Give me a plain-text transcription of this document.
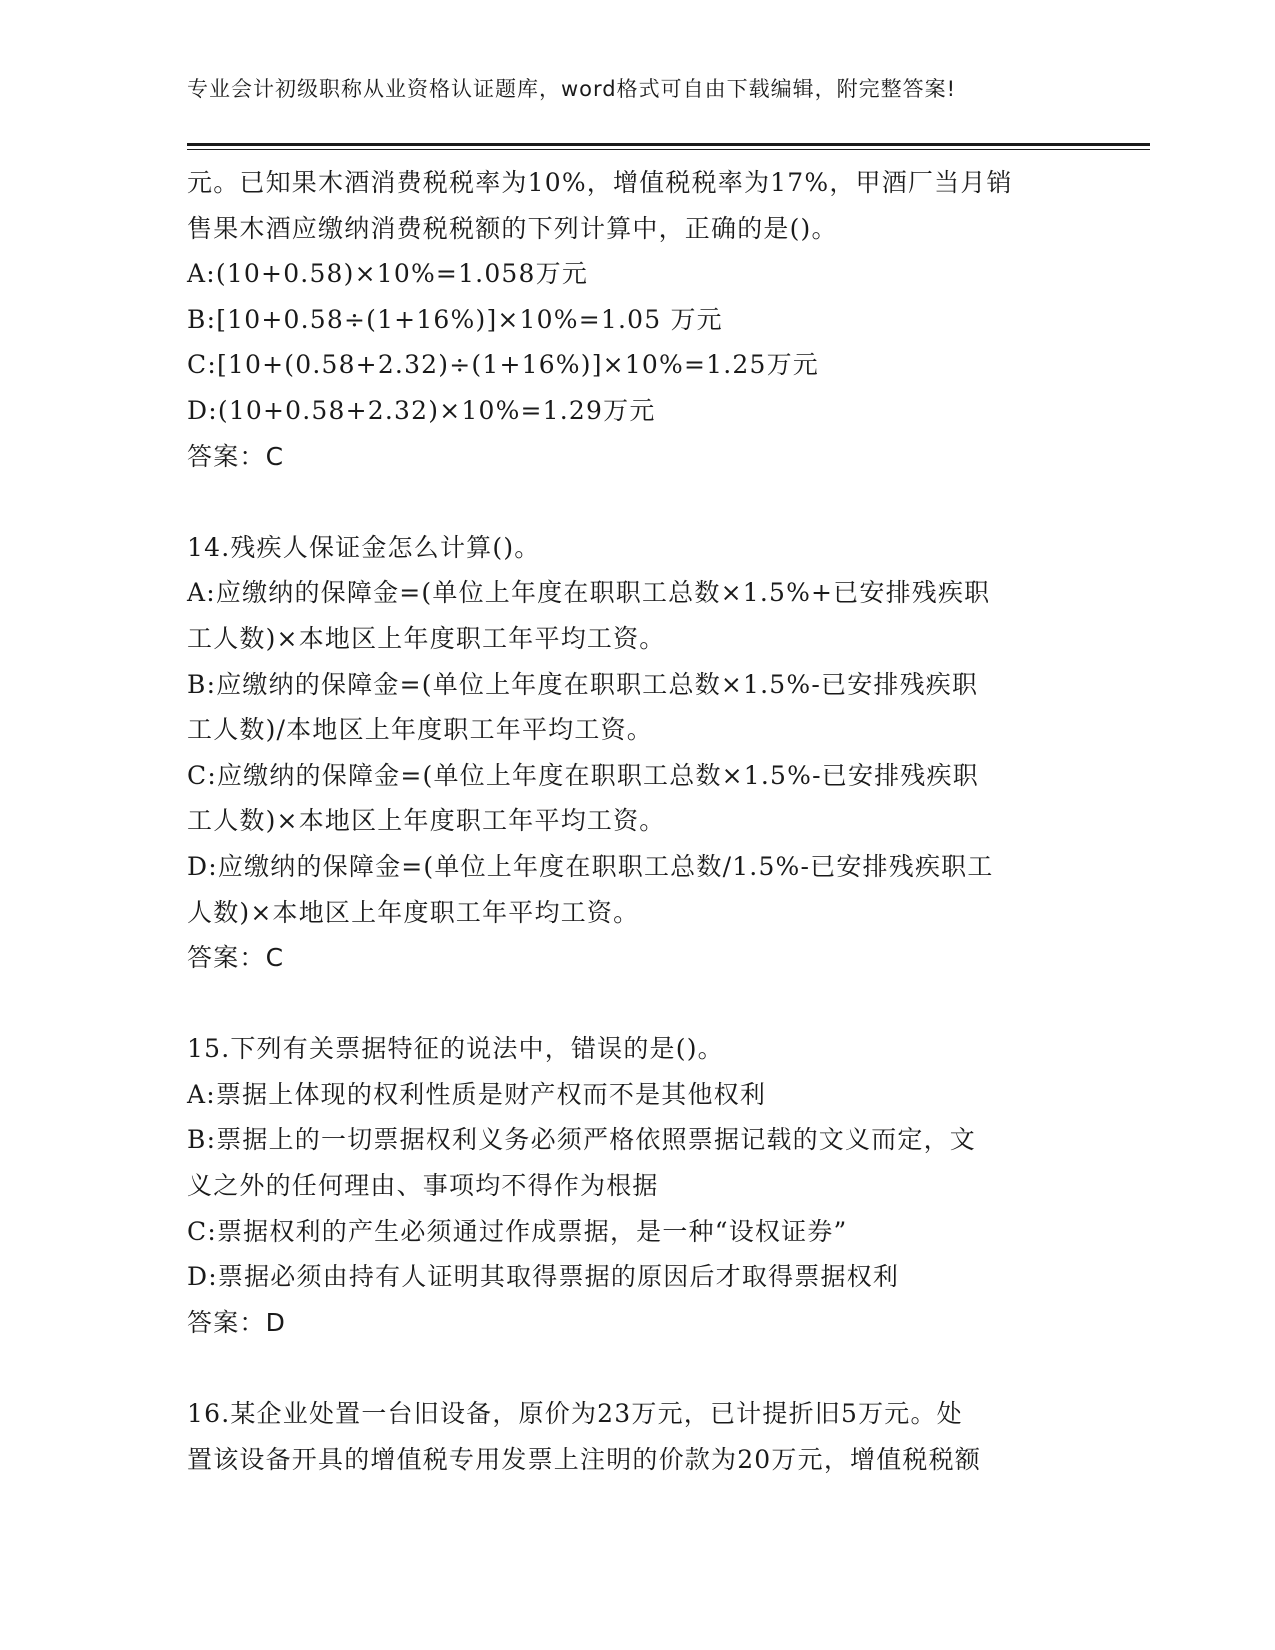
专业会计初级职称从业资格认证题库，word格式可自由下载编辑，附完整答案!
元。已知果木酒消费税税率为10%，增值税税率为17%，甲酒厂当月销
售果木酒应缴纳消费税税额的下列计算中，正确的是()。
A:(10+0.58)×10%=1.058万元
B:[10+0.58÷(1+16%)]×10%=1.05 万元
C:[10+(0.58+2.32)÷(1+16%)]×10%=1.25万元
D:(10+0.58+2.32)×10%=1.29万元
答案：C
14.残疾人保证金怎么计算()。
A:应缴纳的保障金=(单位上年度在职职工总数×1.5%+已安排残疾职
工人数)×本地区上年度职工年平均工资。
B:应缴纳的保障金=(单位上年度在职职工总数×1.5%-已安排残疾职
工人数)/本地区上年度职工年平均工资。
C:应缴纳的保障金=(单位上年度在职职工总数×1.5%-已安排残疾职
工人数)×本地区上年度职工年平均工资。
D:应缴纳的保障金=(单位上年度在职职工总数/1.5%-已安排残疾职工
人数)×本地区上年度职工年平均工资。
答案：C
15.下列有关票据特征的说法中，错误的是()。
A:票据上体现的权利性质是财产权而不是其他权利
B:票据上的一切票据权利义务必须严格依照票据记载的文义而定，文
义之外的任何理由、事项均不得作为根据
C:票据权利的产生必须通过作成票据，是一种“设权证券”
D:票据必须由持有人证明其取得票据的原因后才取得票据权利
答案：D
16.某企业处置一台旧设备，原价为23万元，已计提折旧5万元。处
置该设备开具的增值税专用发票上注明的价款为20万元，增值税税额
